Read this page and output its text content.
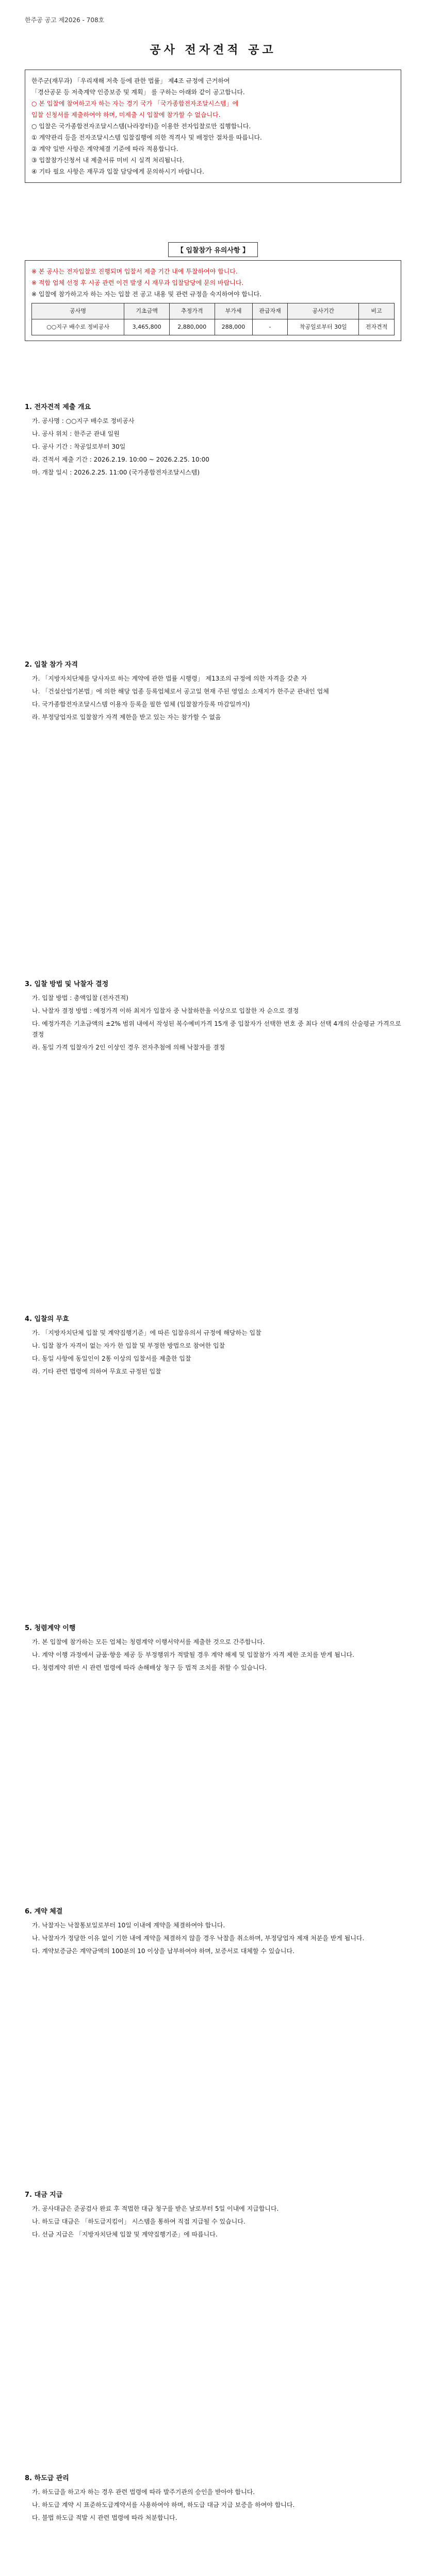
한주공 공고 제2026 - 708호
공사 전자견적 공고

한주군(재무과) 「우리재해 저축 등에 관한 법률」 제4조 규정에 근거하여

「경산공문 등 저축계약 인증보증 및 계획」 를 구하는 아래와 같이 공고합니다.

○ 본 입찰에 참여하고자 하는 자는 경기 국가 「국가종합전자조달시스템」에

입찰 신청서를 제출하여야 하며, 미제출 시 입찰에 참가할 수 없습니다.

○ 입찰은 국가종합전자조달시스템(나라장터)을 이용한 전자입찰로만 집행합니다.

① 계약관리 등을 전자조달시스템 입찰집행에 의한 적격사 및 배정안 절차를 따릅니다.

② 계약 일반 사항은 계약체결 기준에 따라 적용합니다.

③ 입찰참가신청서 내 제출서류 미비 시 실격 처리됩니다.

④ 기타 필요 사항은 재무과 입찰 담당에게 문의하시기 바랍니다.

【 입찰참가 유의사항 】

※ 본 공사는 전자입찰로 진행되며 입찰서 제출 기간 내에 투찰하여야 합니다.

※ 적합 업체 선정 후 시공 관련 이견 발생 시 재무과 입찰담당에 문의 바랍니다.

※ 입찰에 참가하고자 하는 자는 입찰 전 공고 내용 및 관련 규정을 숙지하여야 합니다.

공사명	기초금액	추정가격	부가세	관급자재	공사기간	비고
○○지구 배수로 정비공사	3,465,800	2,880,000	288,000	-	착공일로부터 30일	전자견적
1. 전자견적 제출 개요

가. 공사명 : ○○지구 배수로 정비공사

나. 공사 위치 : 한주군 관내 일원

다. 공사 기간 : 착공일로부터 30일

라. 견적서 제출 기간 : 2026.2.19. 10:00 ~ 2026.2.25. 10:00

마. 개찰 일시 : 2026.2.25. 11:00 (국가종합전자조달시스템)

2. 입찰 참가 자격

가. 「지방자치단체를 당사자로 하는 계약에 관한 법률 시행령」 제13조의 규정에 의한 자격을 갖춘 자

나. 「건설산업기본법」에 의한 해당 업종 등록업체로서 공고일 현재 주된 영업소 소재지가 한주군 관내인 업체

다. 국가종합전자조달시스템 이용자 등록을 필한 업체 (입찰참가등록 마감일까지)

라. 부정당업자로 입찰참가 자격 제한을 받고 있는 자는 참가할 수 없음

3. 입찰 방법 및 낙찰자 결정

가. 입찰 방법 : 총액입찰 (전자견적)

나. 낙찰자 결정 방법 : 예정가격 이하 최저가 입찰자 중 낙찰하한율 이상으로 입찰한 자 순으로 결정

다. 예정가격은 기초금액의 ±2% 범위 내에서 작성된 복수예비가격 15개 중 입찰자가 선택한 번호 중 최다 선택 4개의 산술평균 가격으로 결정

라. 동일 가격 입찰자가 2인 이상인 경우 전자추첨에 의해 낙찰자를 결정

4. 입찰의 무효

가. 「지방자치단체 입찰 및 계약집행기준」에 따른 입찰유의서 규정에 해당하는 입찰

나. 입찰 참가 자격이 없는 자가 한 입찰 및 부정한 방법으로 참여한 입찰

다. 동일 사항에 동일인이 2통 이상의 입찰서를 제출한 입찰

라. 기타 관련 법령에 의하여 무효로 규정된 입찰

5. 청렴계약 이행

가. 본 입찰에 참가하는 모든 업체는 청렴계약 이행서약서를 제출한 것으로 간주합니다.

나. 계약 이행 과정에서 금품·향응 제공 등 부정행위가 적발될 경우 계약 해제 및 입찰참가 자격 제한 조치를 받게 됩니다.

다. 청렴계약 위반 시 관련 법령에 따라 손해배상 청구 등 법적 조치를 취할 수 있습니다.

6. 계약 체결

가. 낙찰자는 낙찰통보일로부터 10일 이내에 계약을 체결하여야 합니다.

나. 낙찰자가 정당한 이유 없이 기한 내에 계약을 체결하지 않을 경우 낙찰을 취소하며, 부정당업자 제재 처분을 받게 됩니다.

다. 계약보증금은 계약금액의 100분의 10 이상을 납부하여야 하며, 보증서로 대체할 수 있습니다.

7. 대금 지급

가. 공사대금은 준공검사 완료 후 적법한 대금 청구를 받은 날로부터 5일 이내에 지급합니다.

나. 하도급 대금은 「하도급지킴이」 시스템을 통하여 직접 지급될 수 있습니다.

다. 선금 지급은 「지방자치단체 입찰 및 계약집행기준」에 따릅니다.

8. 하도급 관리

가. 하도급을 하고자 하는 경우 관련 법령에 따라 발주기관의 승인을 받아야 합니다.

나. 하도급 계약 시 표준하도급계약서를 사용하여야 하며, 하도급 대금 지급 보증을 하여야 합니다.

다. 불법 하도급 적발 시 관련 법령에 따라 처분합니다.
